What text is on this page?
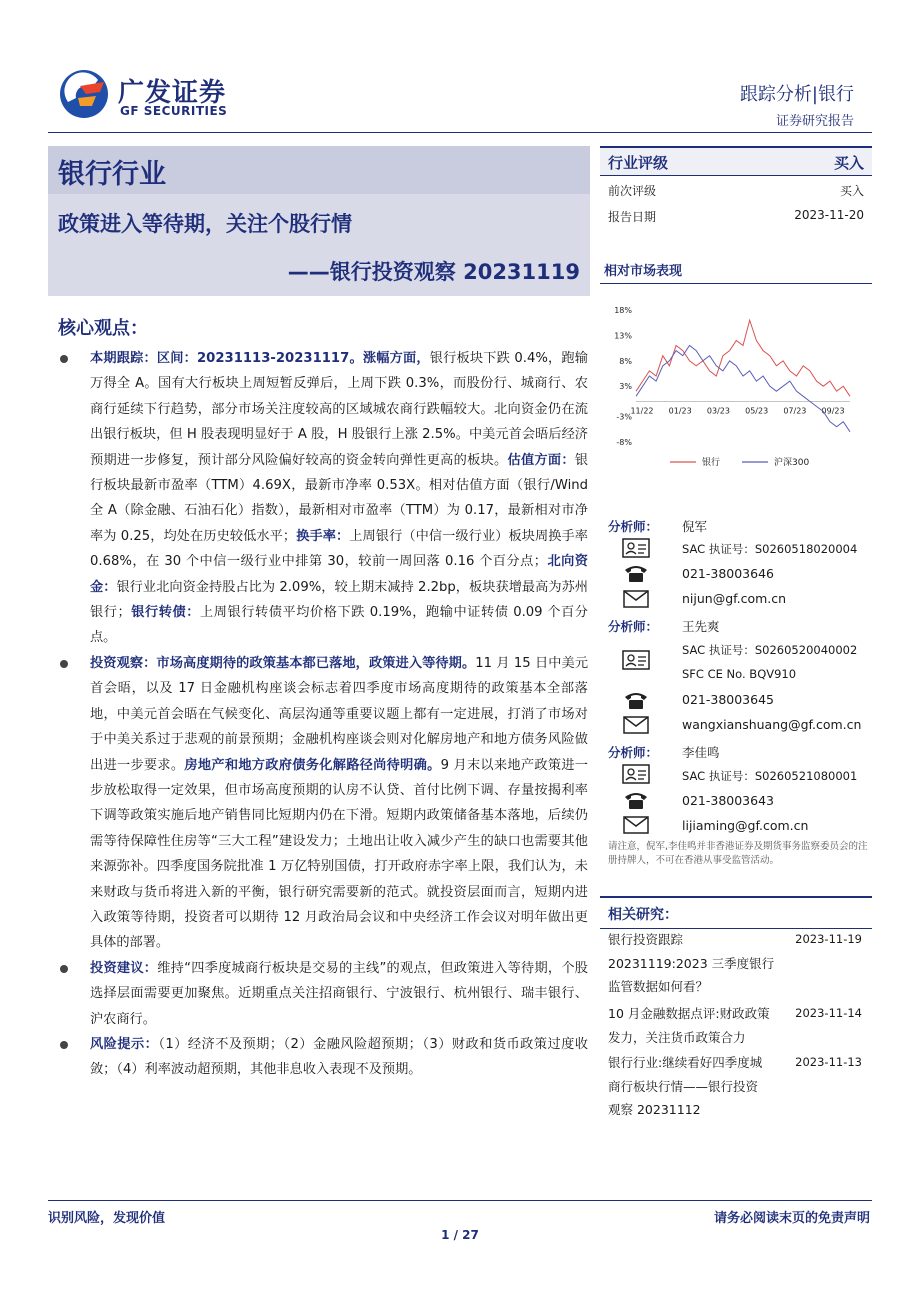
广发证券
GF SECURITIES
跟踪分析|银行
证券研究报告
银行行业
政策进入等待期，关注个股行情
——银行投资观察 20231119
核心观点：
本期跟踪：区间：20231113-20231117。涨幅方面，银行板块下跌 0.4%，跑输万得全 A。国有大行板块上周短暂反弹后，上周下跌 0.3%，而股份行、城商行、农商行延续下行趋势，部分市场关注度较高的区域城农商行跌幅较大。北向资金仍在流出银行板块，但 H 股表现明显好于 A 股，H 股银行上涨 2.5%。中美元首会晤后经济预期进一步修复，预计部分风险偏好较高的资金转向弹性更高的板块。估值方面：银行板块最新市盈率（TTM）4.69X，最新市净率 0.53X。相对估值方面（银行/Wind 全 A（除金融、石油石化）指数），最新相对市盈率（TTM）为 0.17，最新相对市净率为 0.25，均处在历史较低水平；换手率：上周银行（中信一级行业）板块周换手率 0.68%，在 30 个中信一级行业中排第 30，较前一周回落 0.16 个百分点；北向资金：银行业北向资金持股占比为 2.09%，较上期末减持 2.2bp，板块获增最高为苏州银行；银行转债：上周银行转债平均价格下跌 0.19%，跑输中证转债 0.09 个百分点。
投资观察：市场高度期待的政策基本都已落地，政策进入等待期。11 月 15 日中美元首会晤，以及 17 日金融机构座谈会标志着四季度市场高度期待的政策基本全部落地，中美元首会晤在气候变化、高层沟通等重要议题上都有一定进展，打消了市场对于中美关系过于悲观的前景预期；金融机构座谈会则对化解房地产和地方债务风险做出进一步要求。房地产和地方政府债务化解路径尚待明确。9 月末以来地产政策进一步放松取得一定效果，但市场高度预期的认房不认贷、首付比例下调、存量按揭利率下调等政策实施后地产销售同比短期内仍在下滑。短期内政策储备基本落地，后续仍需等待保障性住房等“三大工程”建设发力；土地出让收入减少产生的缺口也需要其他来源弥补。四季度国务院批准 1 万亿特别国债，打开政府赤字率上限，我们认为，未来财政与货币将进入新的平衡，银行研究需要新的范式。就投资层面而言，短期内进入政策等待期，投资者可以期待 12 月政治局会议和中央经济工作会议对明年做出更具体的部署。
投资建议：维持“四季度城商行板块是交易的主线”的观点，但政策进入等待期，个股选择层面需要更加聚焦。近期重点关注招商银行、宁波银行、杭州银行、瑞丰银行、沪农商行。
风险提示：（1）经济不及预期；（2）金融风险超预期；（3）财政和货币政策过度收敛；（4）利率波动超预期，其他非息收入表现不及预期。
行业评级	买入
前次评级	买入
报告日期	2023-11-20
相对市场表现
18%
13%
8%
3%
-3%
-8%
11/22 01/23 03/23 05/23 07/23 09/23
银行	沪深300
分析师： 倪军
SAC 执证号：S0260518020004
021-38003646
nijun@gf.com.cn
分析师： 王先爽
SAC 执证号：S0260520040002
SFC CE No. BQV910
021-38003645
wangxianshuang@gf.com.cn
分析师： 李佳鸣
SAC 执证号：S0260521080001
021-38003643
lijiaming@gf.com.cn
请注意，倪军,李佳鸣并非香港证券及期货事务监察委员会的注册持牌人，不可在香港从事受监管活动。
相关研究：
银行投资跟踪
20231119:2023 三季度银行
监管数据如何看？
2023-11-19
10 月金融数据点评:财政政策
发力，关注货币政策合力
2023-11-14
银行行业:继续看好四季度城
商行板块行情——银行投资
观察 20231112
2023-11-13
识别风险，发现价值	请务必阅读末页的免责声明
1 / 27
